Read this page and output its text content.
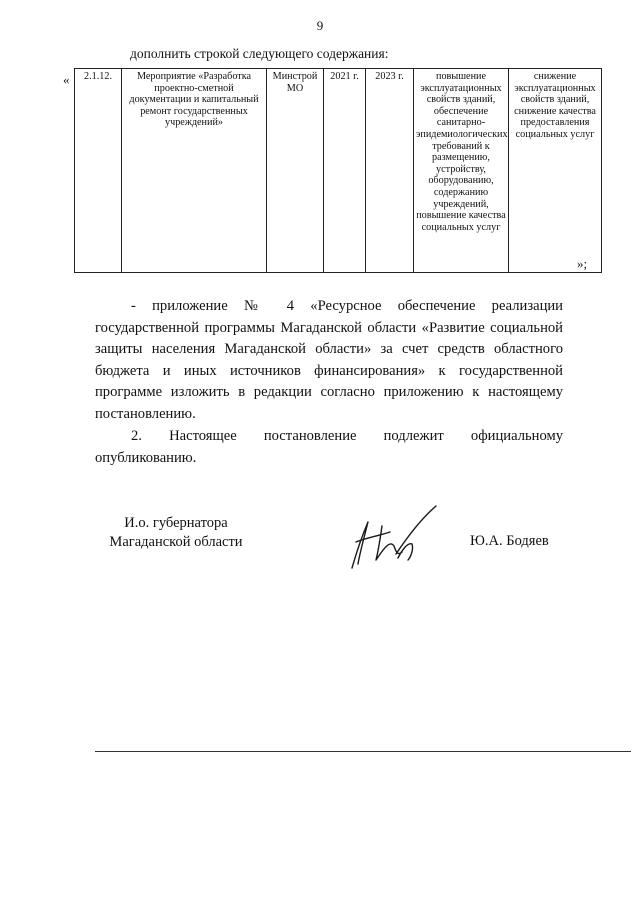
9
дополнить строкой следующего содержания:
« 2.1.12.	Мероприятие «Разработка проектно-сметной документации и капитальный ремонт государственных учреждений»	Минстрой МО	2021 г.	2023 г.	повышение эксплуатационных свойств зданий, обеспечение санитарно-эпидемиологических требований к размещению, устройству, оборудованию, содержанию учреждений, повышение качества социальных услуг	снижение эксплуатационных свойств зданий, снижение качества предоставления социальных услуг
»;
- приложение № 4 «Ресурсное обеспечение реализации государственной программы Магаданской области «Развитие социальной защиты населения Магаданской области» за счет средств областного бюджета и иных источников финансирования» к государственной программе изложить в редакции согласно приложению к настоящему постановлению.
2. Настоящее постановление подлежит официальному опубликованию.
И.о. губернатора
Магаданской области	Ю.А. Бодяев
